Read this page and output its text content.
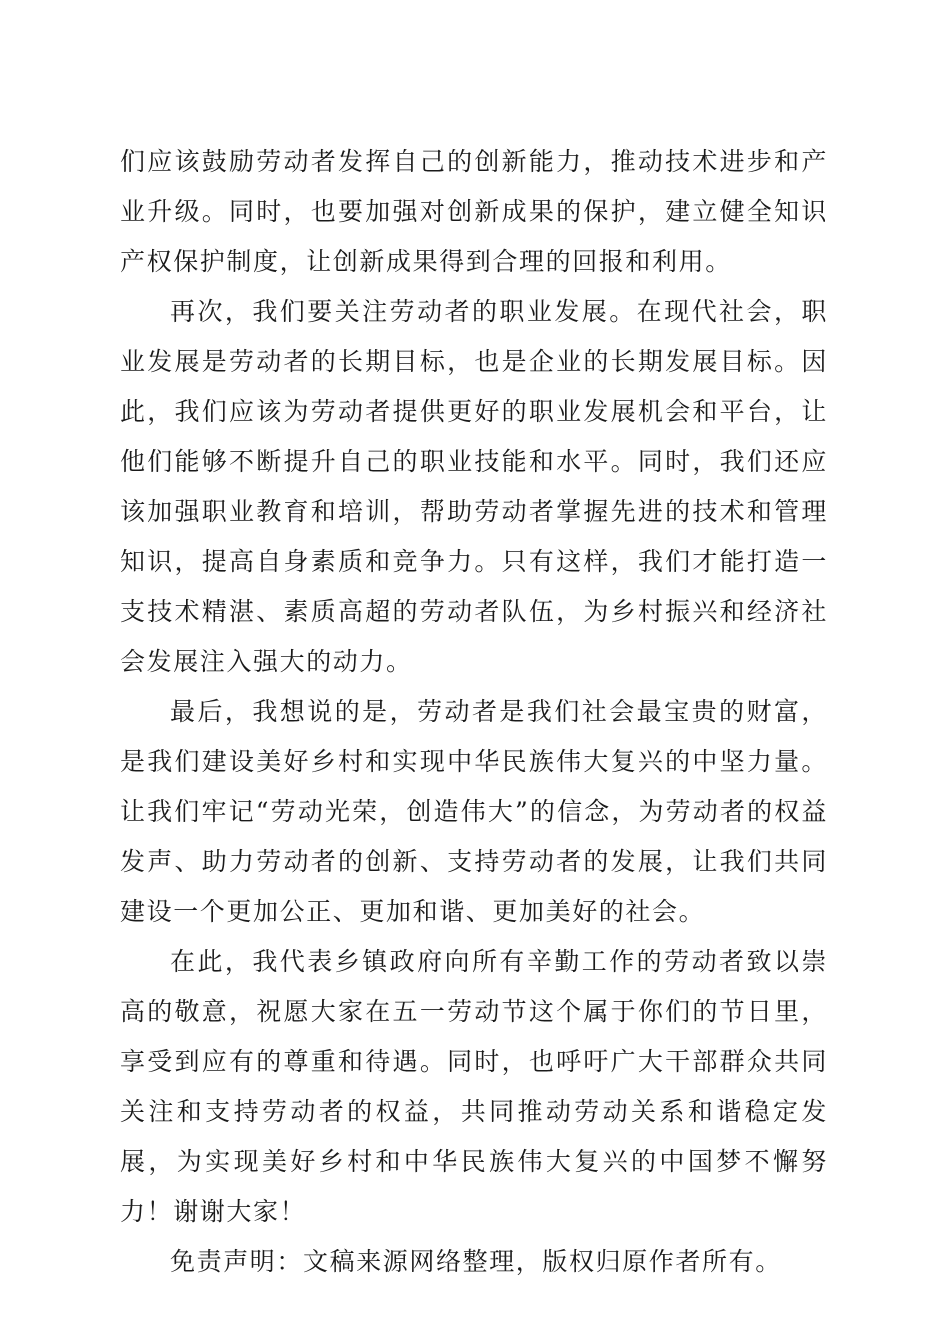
们应该鼓励劳动者发挥自己的创新能力，推动技术进步和产业升级。同时，也要加强对创新成果的保护，建立健全知识产权保护制度，让创新成果得到合理的回报和利用。

再次，我们要关注劳动者的职业发展。在现代社会，职业发展是劳动者的长期目标，也是企业的长期发展目标。因此，我们应该为劳动者提供更好的职业发展机会和平台，让他们能够不断提升自己的职业技能和水平。同时，我们还应该加强职业教育和培训，帮助劳动者掌握先进的技术和管理知识，提高自身素质和竞争力。只有这样，我们才能打造一支技术精湛、素质高超的劳动者队伍，为乡村振兴和经济社会发展注入强大的动力。

最后，我想说的是，劳动者是我们社会最宝贵的财富，是我们建设美好乡村和实现中华民族伟大复兴的中坚力量。让我们牢记“劳动光荣，创造伟大”的信念，为劳动者的权益发声、助力劳动者的创新、支持劳动者的发展，让我们共同建设一个更加公正、更加和谐、更加美好的社会。

在此，我代表乡镇政府向所有辛勤工作的劳动者致以崇高的敬意，祝愿大家在五一劳动节这个属于你们的节日里，享受到应有的尊重和待遇。同时，也呼吁广大干部群众共同关注和支持劳动者的权益，共同推动劳动关系和谐稳定发展，为实现美好乡村和中华民族伟大复兴的中国梦不懈努力！谢谢大家！

免责声明：文稿来源网络整理，版权归原作者所有。
